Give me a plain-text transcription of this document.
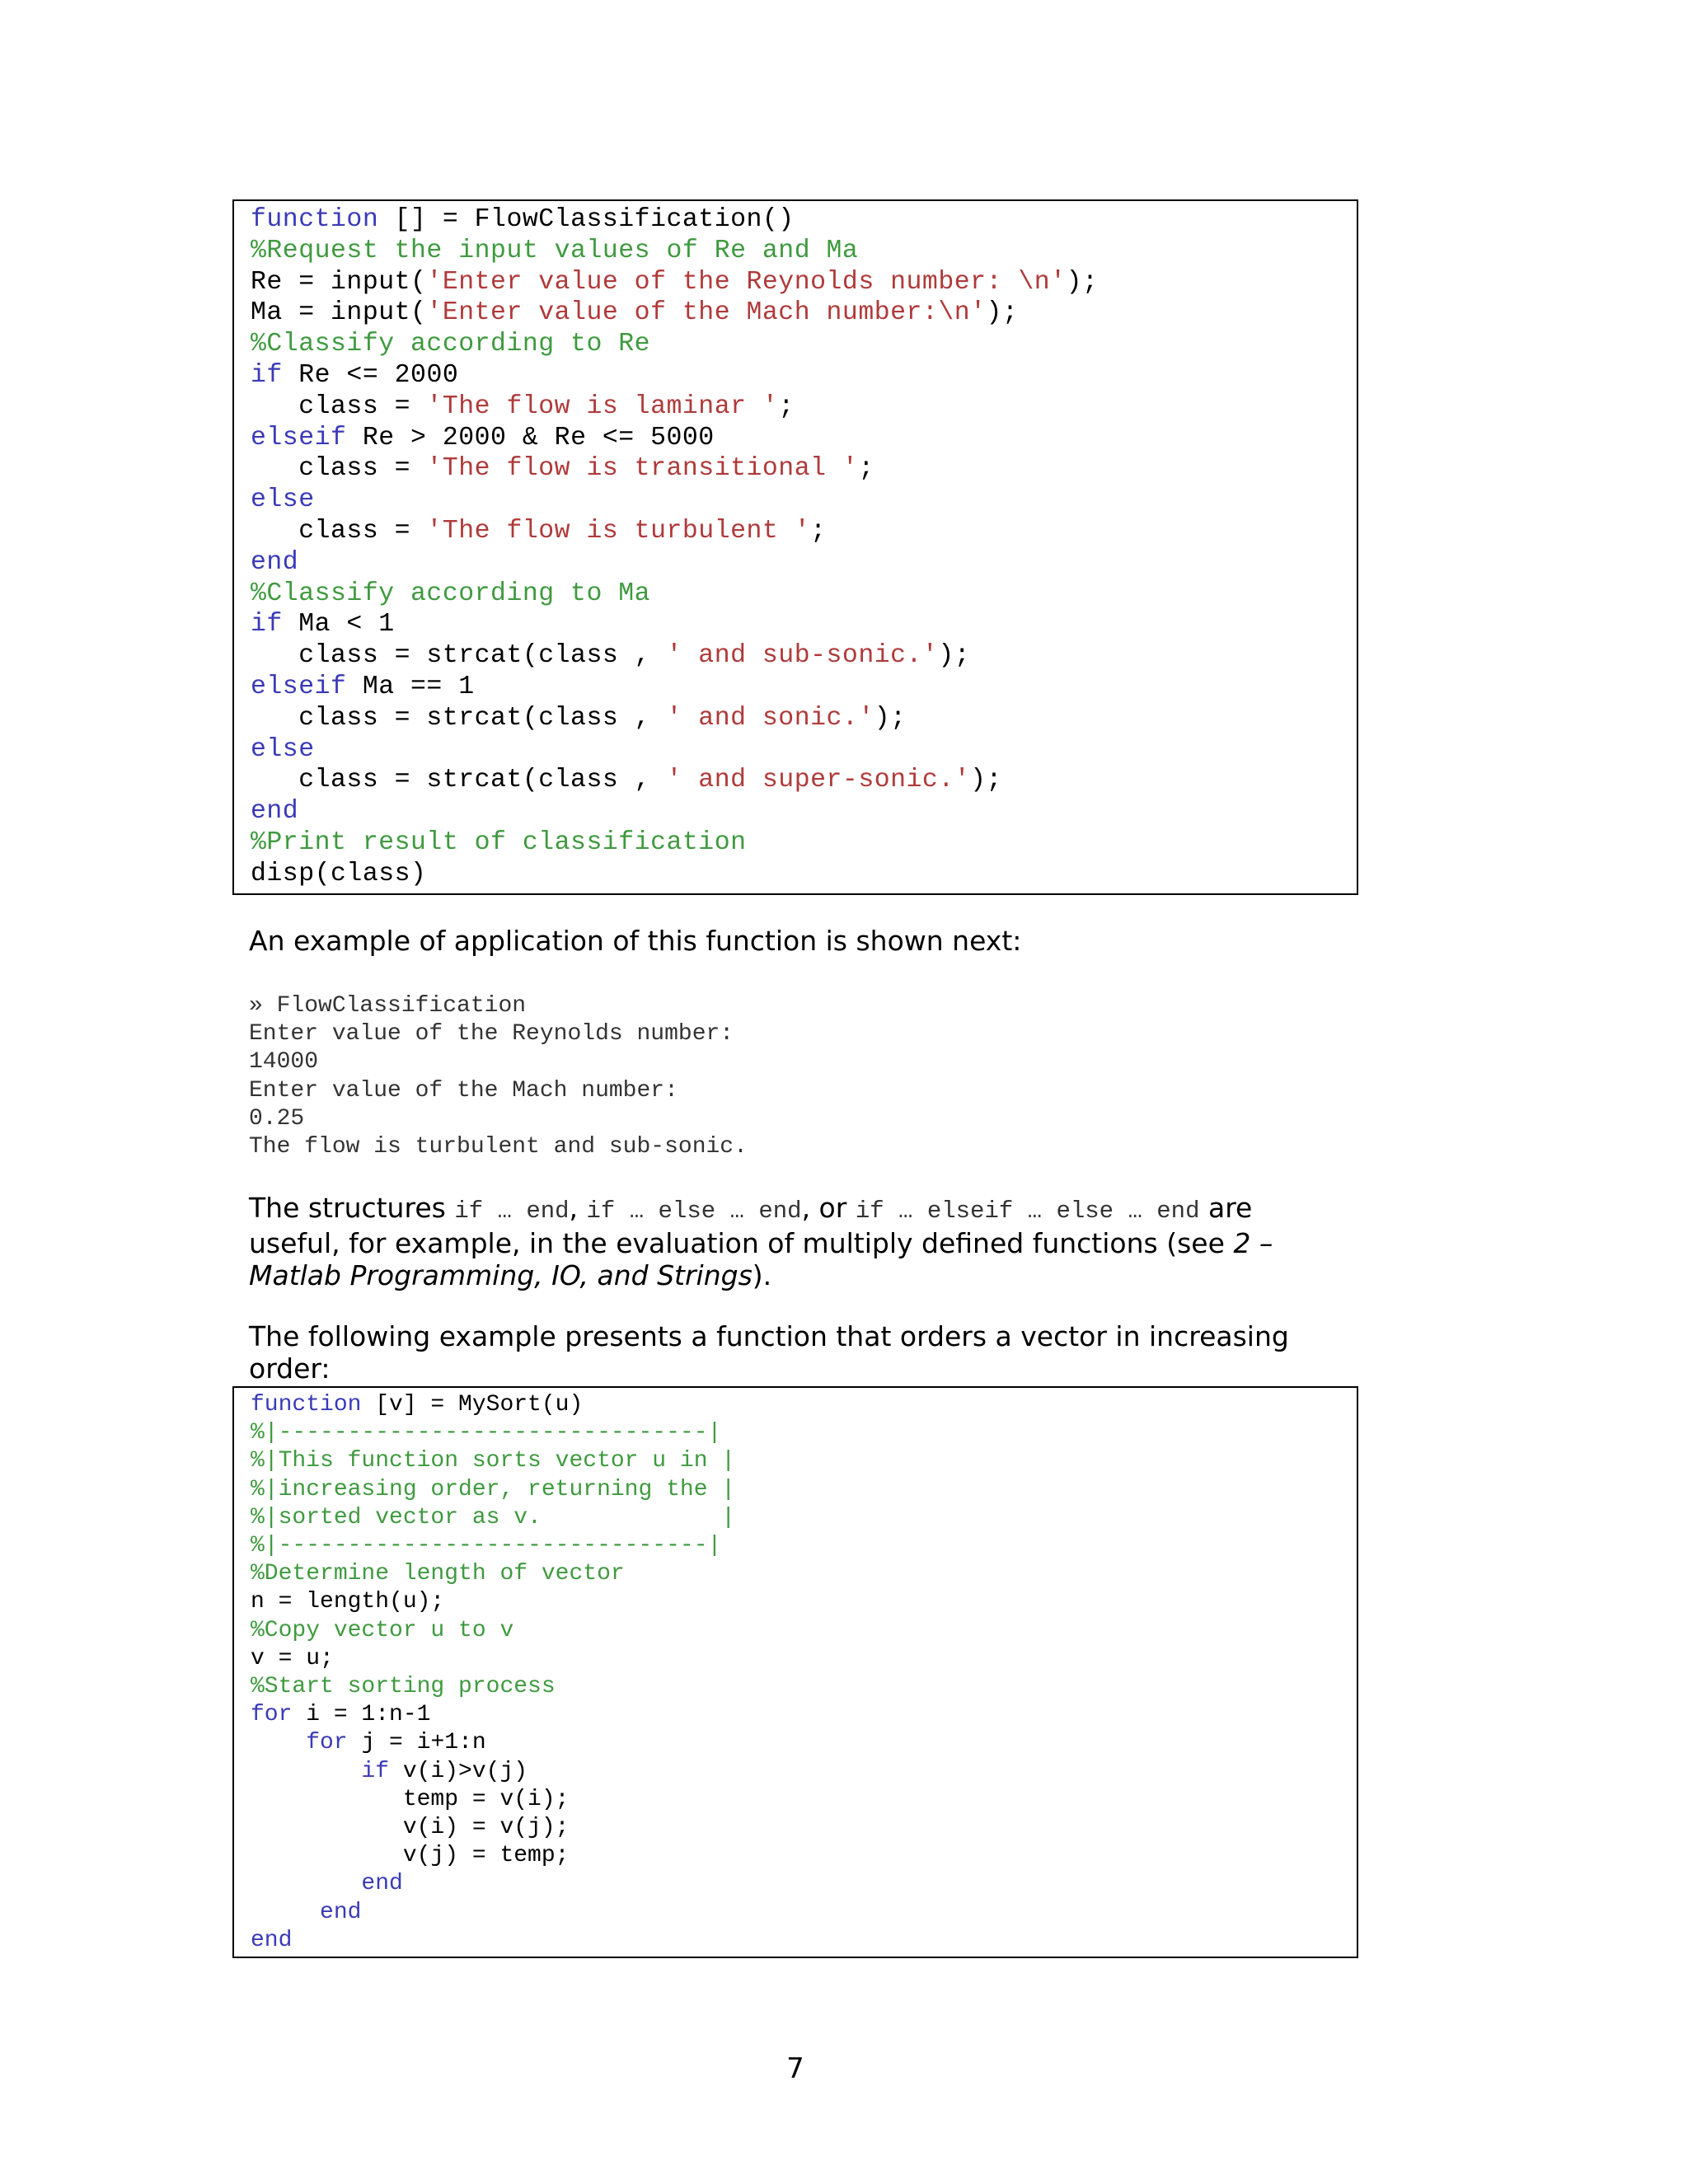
function [] = FlowClassification()
%Request the input values of Re and Ma
Re = input('Enter value of the Reynolds number: \n');
Ma = input('Enter value of the Mach number:\n');
%Classify according to Re
if Re <= 2000
class = 'The flow is laminar ';
elseif Re > 2000 & Re <= 5000
class = 'The flow is transitional ';
else
class = 'The flow is turbulent ';
end
%Classify according to Ma
if Ma < 1
class = strcat(class , ' and sub-sonic.');
elseif Ma == 1
class = strcat(class , ' and sonic.');
else
class = strcat(class , ' and super-sonic.');
end
%Print result of classification
disp(class)
An example of application of this function is shown next:
» FlowClassification
Enter value of the Reynolds number:
14000
Enter value of the Mach number:
0.25
The flow is turbulent and sub-sonic.
The structures if … end, if … else … end, or if … elseif … else … end are useful, for example, in the evaluation of multiply defined functions (see 2 – Matlab Programming, IO, and Strings).
The following example presents a function that orders a vector in increasing order:
function [v] = MySort(u)
%|-------------------------------|
%|This function sorts vector u in |
%|increasing order, returning the |
%|sorted vector as v.             |
%|-------------------------------|
%Determine length of vector
n = length(u);
%Copy vector u to v
v = u;
%Start sorting process
for i = 1:n-1
for j = i+1:n
if v(i)>v(j)
temp = v(i);
v(i) = v(j);
v(j) = temp;
end
end
end
7
